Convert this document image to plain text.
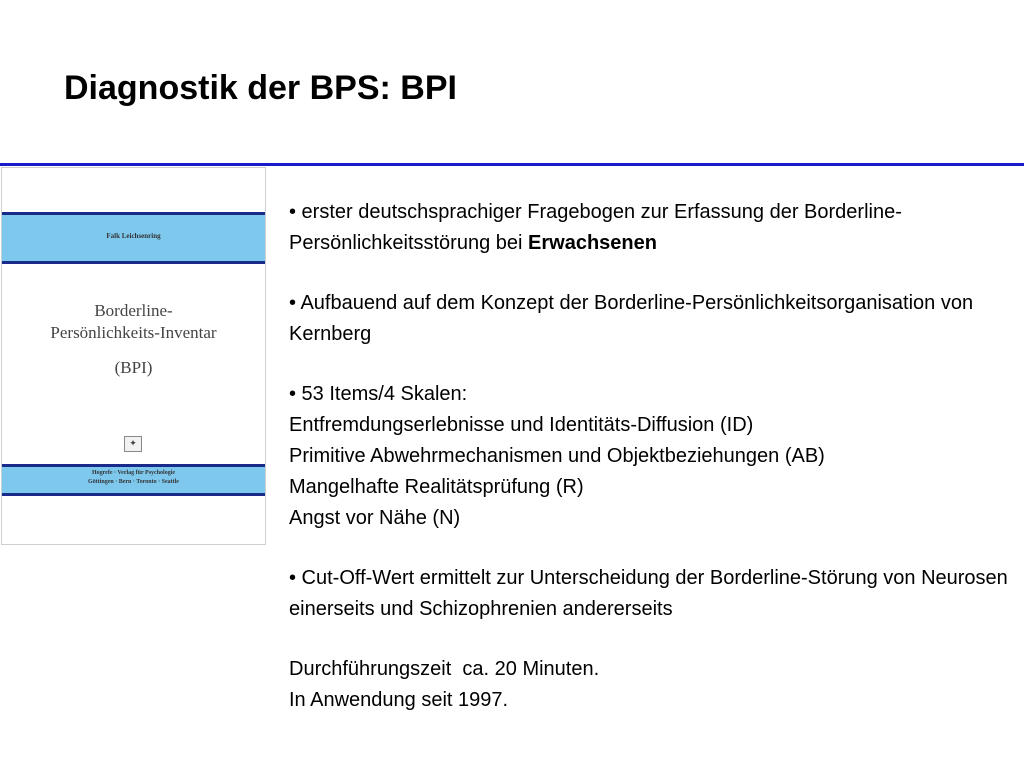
Diagnostik der BPS: BPI
Falk Leichsenring
Borderline-
Persönlichkeits-Inventar
(BPI)
✦
Hogrefe · Verlag für Psychologie
Göttingen · Bern · Toronto · Seattle

• erster deutschsprachiger Fragebogen zur Erfassung der Borderline-Persönlichkeitsstörung bei Erwachsenen

• Aufbauend auf dem Konzept der Borderline-Persönlichkeitsorganisation von Kernberg

• 53 Items/4 Skalen:
Entfremdungserlebnisse und Identitäts-Diffusion (ID)
Primitive Abwehrmechanismen und Objektbeziehungen (AB)
Mangelhafte Realitätsprüfung (R)
Angst vor Nähe (N)

• Cut-Off-Wert ermittelt zur Unterscheidung der Borderline-Störung von Neurosen einerseits und Schizophrenien andererseits

Durchführungszeit  ca. 20 Minuten.
In Anwendung seit 1997.
